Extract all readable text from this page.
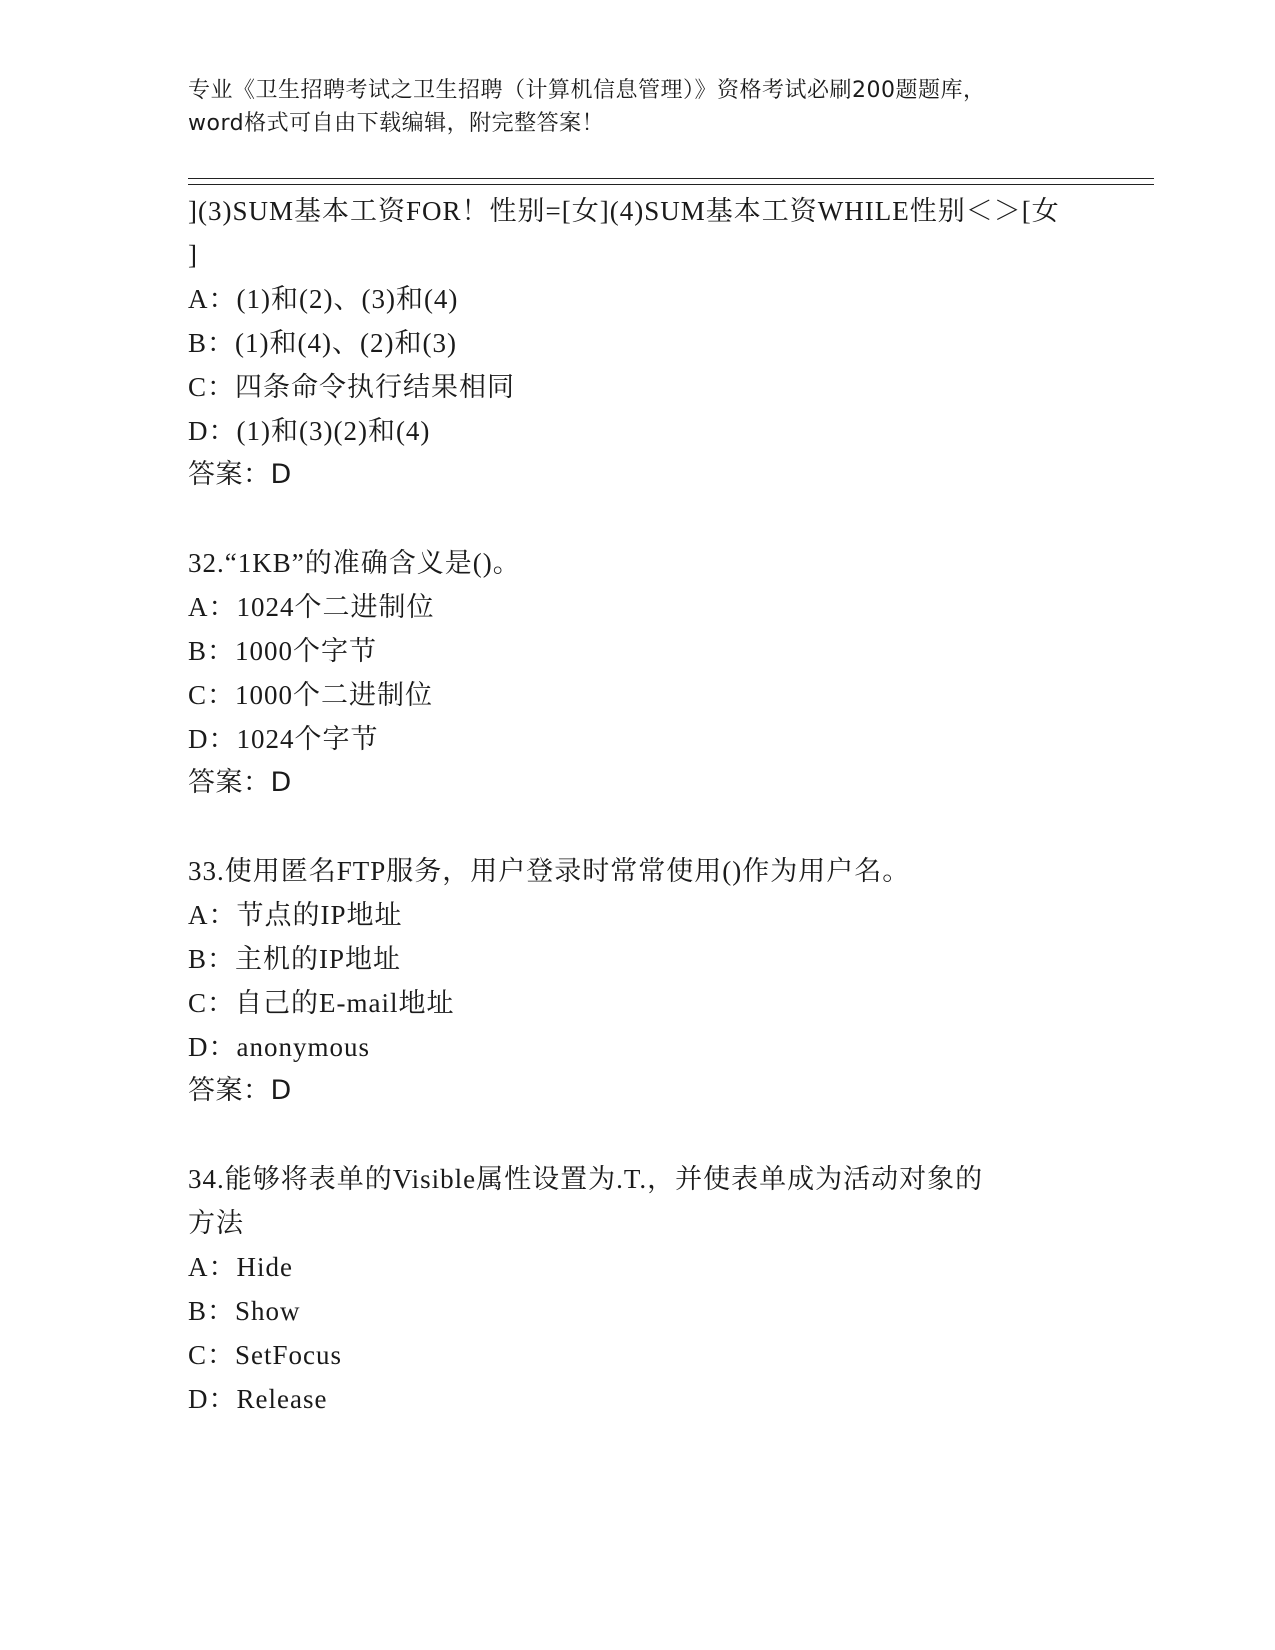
专业《卫生招聘考试之卫生招聘（计算机信息管理）》资格考试必刷200题题库，
word格式可自由下载编辑，附完整答案！
](3)SUM基本工资FOR！性别=[女](4)SUM基本工资WHILE性别＜＞[女
]
A：(1)和(2)、(3)和(4)
B：(1)和(4)、(2)和(3)
C：四条命令执行结果相同
D：(1)和(3)(2)和(4)
答案：D
32.“1KB”的准确含义是()。
A：1024个二进制位
B：1000个字节
C：1000个二进制位
D：1024个字节
答案：D
33.使用匿名FTP服务，用户登录时常常使用()作为用户名。
A：节点的IP地址
B：主机的IP地址
C：自己的E-mail地址
D：anonymous
答案：D
34.能够将表单的Visible属性设置为.T.，并使表单成为活动对象的
方法
A：Hide
B：Show
C：SetFocus
D：Release
